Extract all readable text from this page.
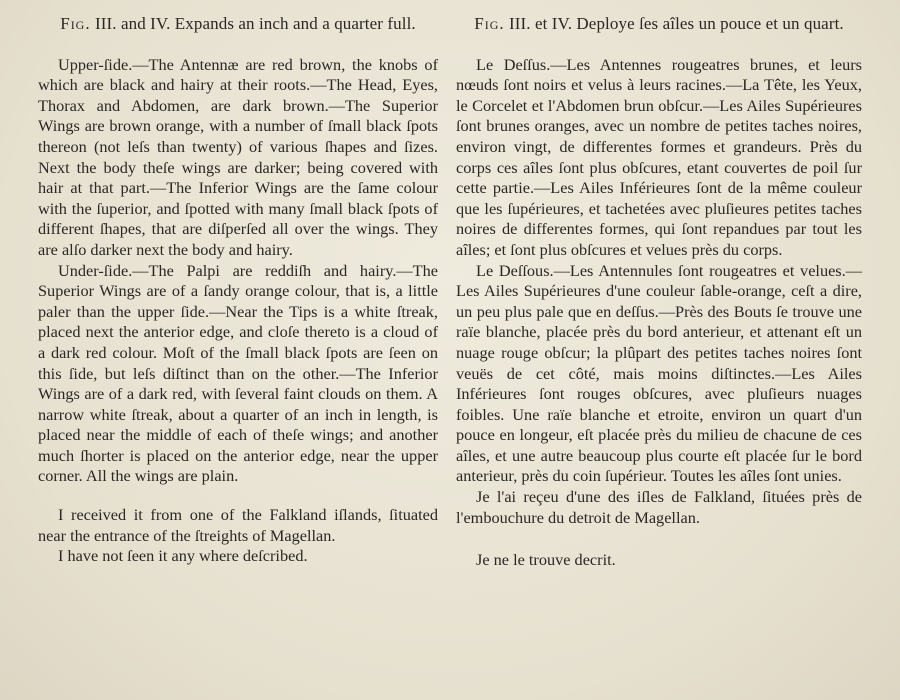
Fig. III. and IV. Expands an inch and a quarter full.

Upper-ſide.—The Antennæ are red brown, the knobs of which are black and hairy at their roots.—The Head, Eyes, Thorax and Abdomen, are dark brown.—The Superior Wings are brown orange, with a number of ſmall black ſpots thereon (not leſs than twenty) of various ſhapes and ſizes. Next the body theſe wings are darker; being covered with hair at that part.—The Inferior Wings are the ſame colour with the ſuperior, and ſpotted with many ſmall black ſpots of different ſhapes, that are diſperſed all over the wings. They are alſo darker next the body and hairy.

Under-ſide.—The Palpi are reddiſh and hairy.—The Superior Wings are of a ſandy orange colour, that is, a little paler than the upper ſide.—Near the Tips is a white ſtreak, placed next the anterior edge, and cloſe thereto is a cloud of a dark red colour. Moſt of the ſmall black ſpots are ſeen on this ſide, but leſs diſtinct than on the other.—The Inferior Wings are of a dark red, with ſeveral faint clouds on them. A narrow white ſtreak, about a quarter of an inch in length, is placed near the middle of each of theſe wings; and another much ſhorter is placed on the anterior edge, near the upper corner. All the wings are plain.

I received it from one of the Falkland iſlands, ſituated near the entrance of the ſtreights of Magellan.

I have not ſeen it any where deſcribed.

Fig. III. et IV. Deploye ſes aîles un pouce et un quart.

Le Deſſus.—Les Antennes rougeatres brunes, et leurs nœuds ſont noirs et velus à leurs racines.—La Tête, les Yeux, le Corcelet et l'Abdomen brun obſcur.—Les Ailes Supérieures ſont brunes oranges, avec un nombre de petites taches noires, environ vingt, de differentes formes et grandeurs. Près du corps ces aîles ſont plus obſcures, etant couvertes de poil ſur cette partie.—Les Ailes Inférieures ſont de la même couleur que les ſupérieures, et tachetées avec pluſieures petites taches noires de differentes formes, qui ſont repandues par tout les aîles; et ſont plus obſcures et velues près du corps.

Le Deſſous.—Les Antennules ſont rougeatres et velues.—Les Ailes Supérieures d'une couleur ſable-orange, ceſt a dire, un peu plus pale que en deſſus.—Près des Bouts ſe trouve une raïe blanche, placée près du bord anterieur, et attenant eſt un nuage rouge obſcur; la plûpart des petites taches noires ſont veuës de cet côté, mais moins diſtinctes.—Les Ailes Inférieures ſont rouges obſcures, avec pluſieurs nuages foibles. Une raïe blanche et etroite, environ un quart d'un pouce en longeur, eſt placée près du milieu de chacune de ces aîles, et une autre beaucoup plus courte eſt placée ſur le bord anterieur, près du coin ſupérieur. Toutes les aîles ſont unies.

Je l'ai reçeu d'une des iſles de Falkland, ſituées près de l'embouchure du detroit de Magellan.

Je ne le trouve decrit.
